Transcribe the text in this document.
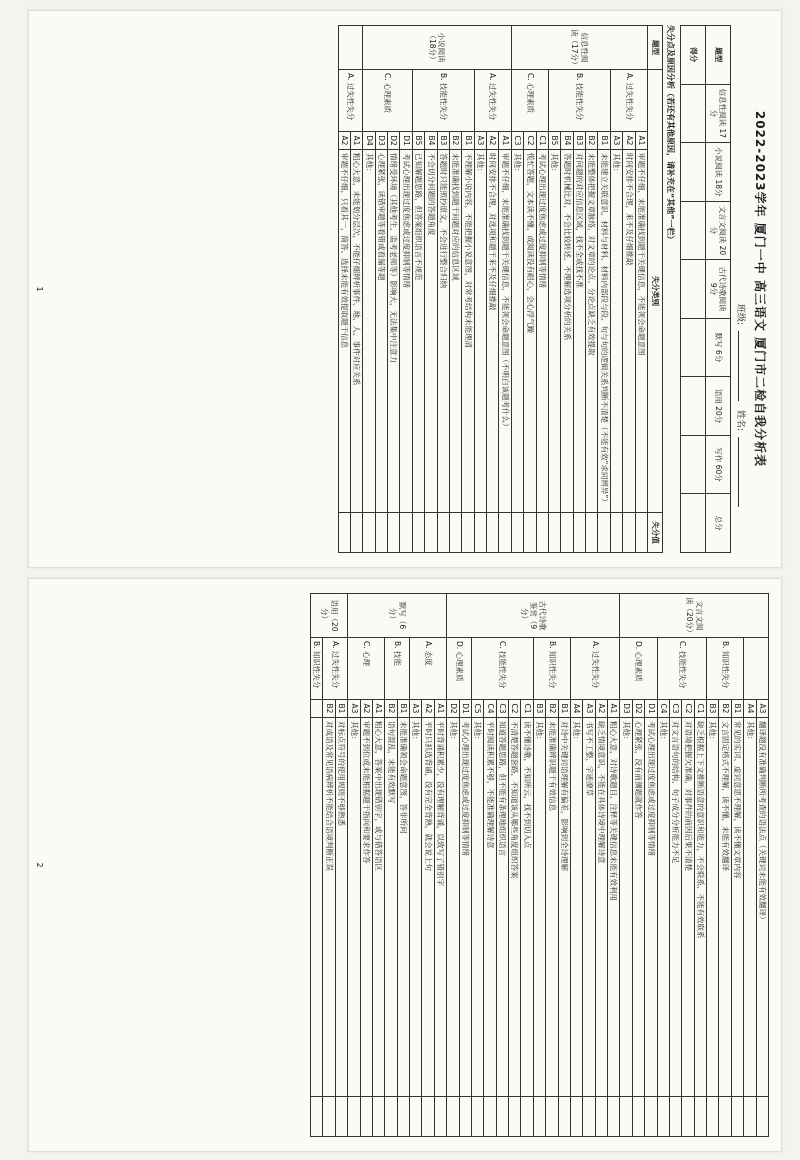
2022-2023学年 厦门一中 高三语文 厦门市二检自我分析表
班级: 姓名:
题型	信息性阅读 17分	小说阅读 18分	文言文阅读 20分	古代诗歌阅读 9分	默写 6分	语用 20分	写作 60分	总分
得分								
失分点及原因分析（若还有其他原因，请补充在“其他”一栏）
题型	失分类别			失分值
信息性阅读（17分）	A. 过失性失分	A1	审题不仔细，未能准确找到题干关键信息，不能领会命题意图	
		A2	时间安排不合理，来不及仔细推敲	
		A3	其他：	
	B. 技能性失分	B1	未能建立关联意识，材料与材料、材料内部段与段、句与句的逻辑关系判断不清楚（不能有效“求同辨异”）	
		B2	未能整体把握文章脉络，对文章的论点、分论点缺乏有效提取	
		B3	对问题的对应信息区域，找不全或找不准	
		B4	答题时机械比对，不会比较转述，不理解选项分析的关系	
		B5	其他：	
	C. 心理素质	C1	考试心理出现过度焦虑或过度抑制等情绪	
		C2	慌忙答题，文本读不懂，或阅读没有耐心，会心浮气躁	
		C3	其他：	
小说阅读（18分）	A. 过失性失分	A1	审题不仔细，未能准确找到题干关键信息，不能领会命题意图（不明白该题考什么）	
		A2	时间安排不合理，对选项和题干来不及仔细推敲	
		A3	其他：	
	B. 技能性失分	B1	不理解小说内容，不能把握小说意图，对常考结构未能理清	
		B2	未能准确找到题干问题对应的信息区域	
		B3	答题时只能照抄原文，不会进行整合归纳	
		B4	不会切分问题的答题角度	
		B5	已知解题思路，但答案组织语言不规范	
	C. 心理素质	D1	考试心理出现过度焦虑或过度抑制等情绪	
		D2	情绪受环境（其他考生、监考老师等）影响大，无法集中注意力	
		D3	心理紧张，读错审题等看错或看漏等题	
		D4	其他：	
	A. 过失性失分	A1	粗心大意，未能划分层次，不能仔细辨析事件、地、人、事件对应关系	
		A2	审题不仔细，只看其一，简答、选择未能有效提取题干信息	
1
文言文阅读（20分）		A3	翻译题没有准确判断所考查的语法点（关键词未能有效翻译）	
		A4	其他：	
	B. 知识性失分	B1	常见的实词、虚词意思不理解，读不懂文章内容	
		B2	文言固定格式不理解，读不懂，未能有效翻译	
		B3	其他：	
	C. 技能性失分	C1	缺乏根据上下文推断语意的意识和能力，不会联系、不能有效联系	
		C2	对语境把握欠准确，对事件的前因后果不清楚	
		C3	对文言语句的结构、句子成分分析能力不足	
		C4	其他：	
	D. 心理素质	D1	考试心理出现过度焦虑或过度抑制等情绪	
		D2	心理紧张，没有前测题就作答	
		D3	其他：	
古代诗歌鉴赏（9分）	A. 过失性失分	A1	粗心大意，对诗歌题目、注释等关键信息未能有效利用	
		A2	缺乏情境意识，不能在具体诗境中理解诗意	
		A3	书写不工整，字迹潦草	
		A4	其他：	
	B. 知识性失分	B1	对诗中关键词语理解有偏差，影响到全诗理解	
		B2	未能准确辨识题干有效信息	
		B3	其他：	
	C. 技能性失分	C1	读不懂诗歌，不知所云，找不到切入点	
		C2	不清楚答题套路，不知道该从哪些角度组织答案	
		C3	知道答题思路，但不能有条理地组织语言	
		C4	平时阅读积累不够，不能准确理解诗意	
		C5	其他：	
	D. 心理素质	D1	考试心理出现过度焦虑或过度抑制等情绪	
		D2	其他：	
默写（6分）	A. 态度	A1	平时背诵积累少，没有理解背诵，以致写了错别字	
		A2	平时只抓选背诵，没有完全背熟，就会说上句	
		A3	其他：	
	B. 技能	B1	未能准确领会命题意图，答非所问	
		B2	语句混乱，未能有效默写	
	C. 心理	A1	粗心大意，答案中出现错别字，或与错答语区	
		A2	审题不到位或未能根据题干指向和要求作答	
		A3	其他：	
语用（20分）	A. 过失性失分	B1	对标点符号的使用规则不够熟悉	
		B2	对成语及常见语病辨析不能结合语境判断正误	
	B. 知识性失分			
2
